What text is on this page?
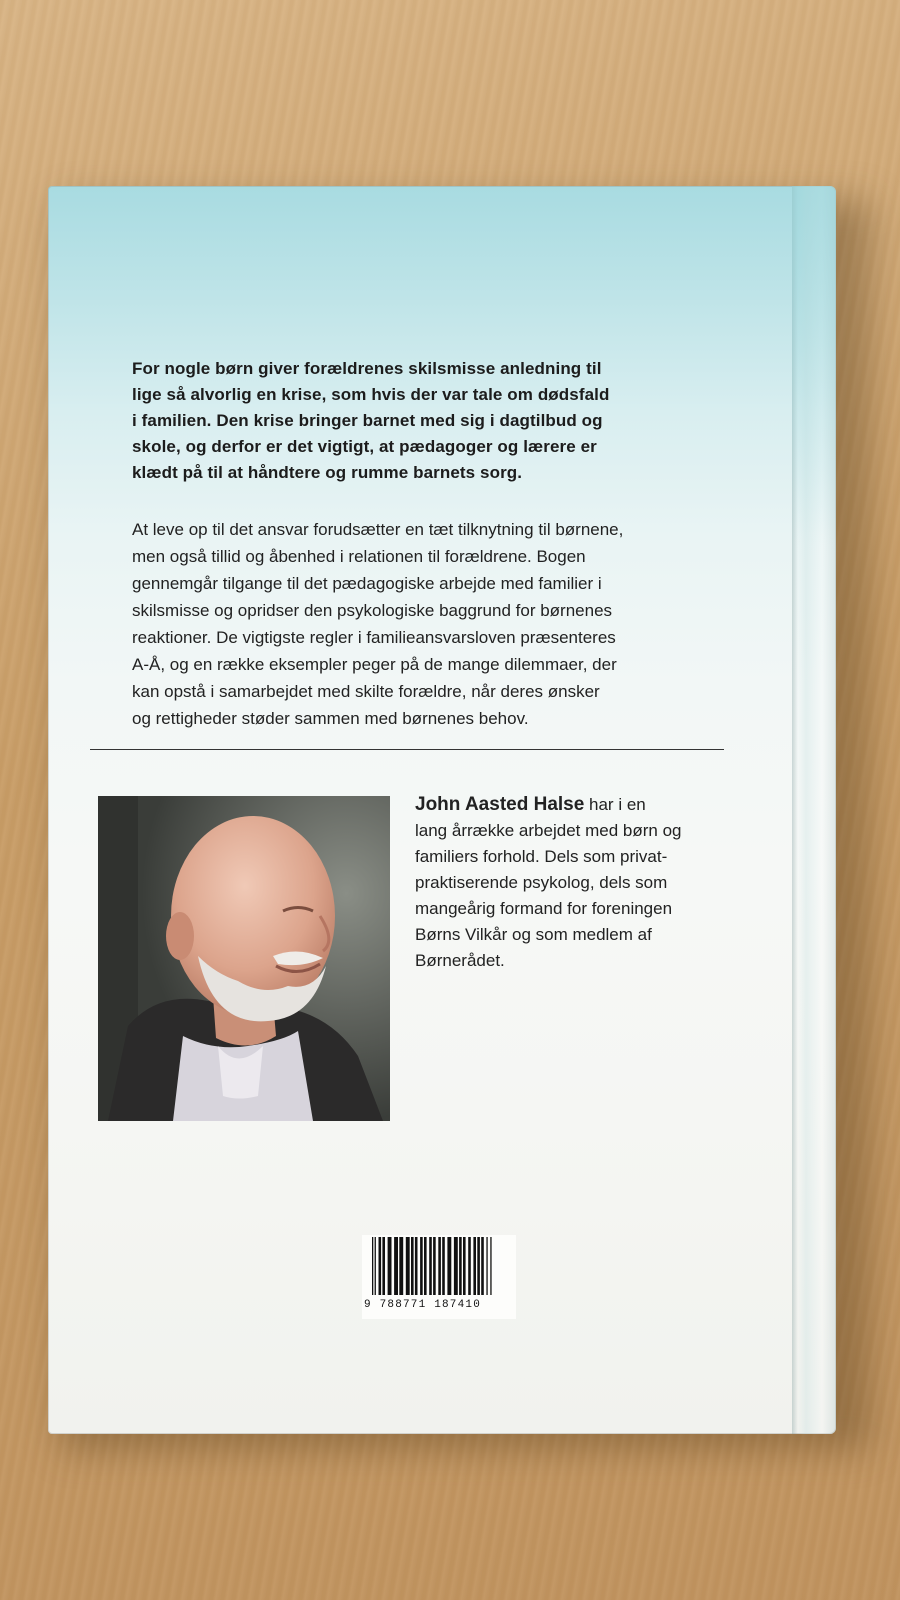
For nogle børn giver forældrenes skilsmisse anledning til
lige så alvorlig en krise, som hvis der var tale om dødsfald
i familien. Den krise bringer barnet med sig i dagtilbud og
skole, og derfor er det vigtigt, at pædagoger og lærere er
klædt på til at håndtere og rumme barnets sorg.
At leve op til det ansvar forudsætter en tæt tilknytning til børnene,
men også tillid og åbenhed i relationen til forældrene. Bogen
gennemgår tilgange til det pædagogiske arbejde med familier i
skilsmisse og opridser den psykologiske baggrund for børnenes
reaktioner. De vigtigste regler i familieansvarsloven præsenteres
A-Å, og en række eksempler peger på de mange dilemmaer, der
kan opstå i samarbejdet med skilte forældre, når deres ønsker
og rettigheder støder sammen med børnenes behov.
John Aasted Halse har i en
lang årrække arbejdet med børn og
familiers forhold. Dels som privat-
praktiserende psykolog, dels som
mangeårig formand for foreningen
Børns Vilkår og som medlem af
Børnerådet.
9 788771 187410
